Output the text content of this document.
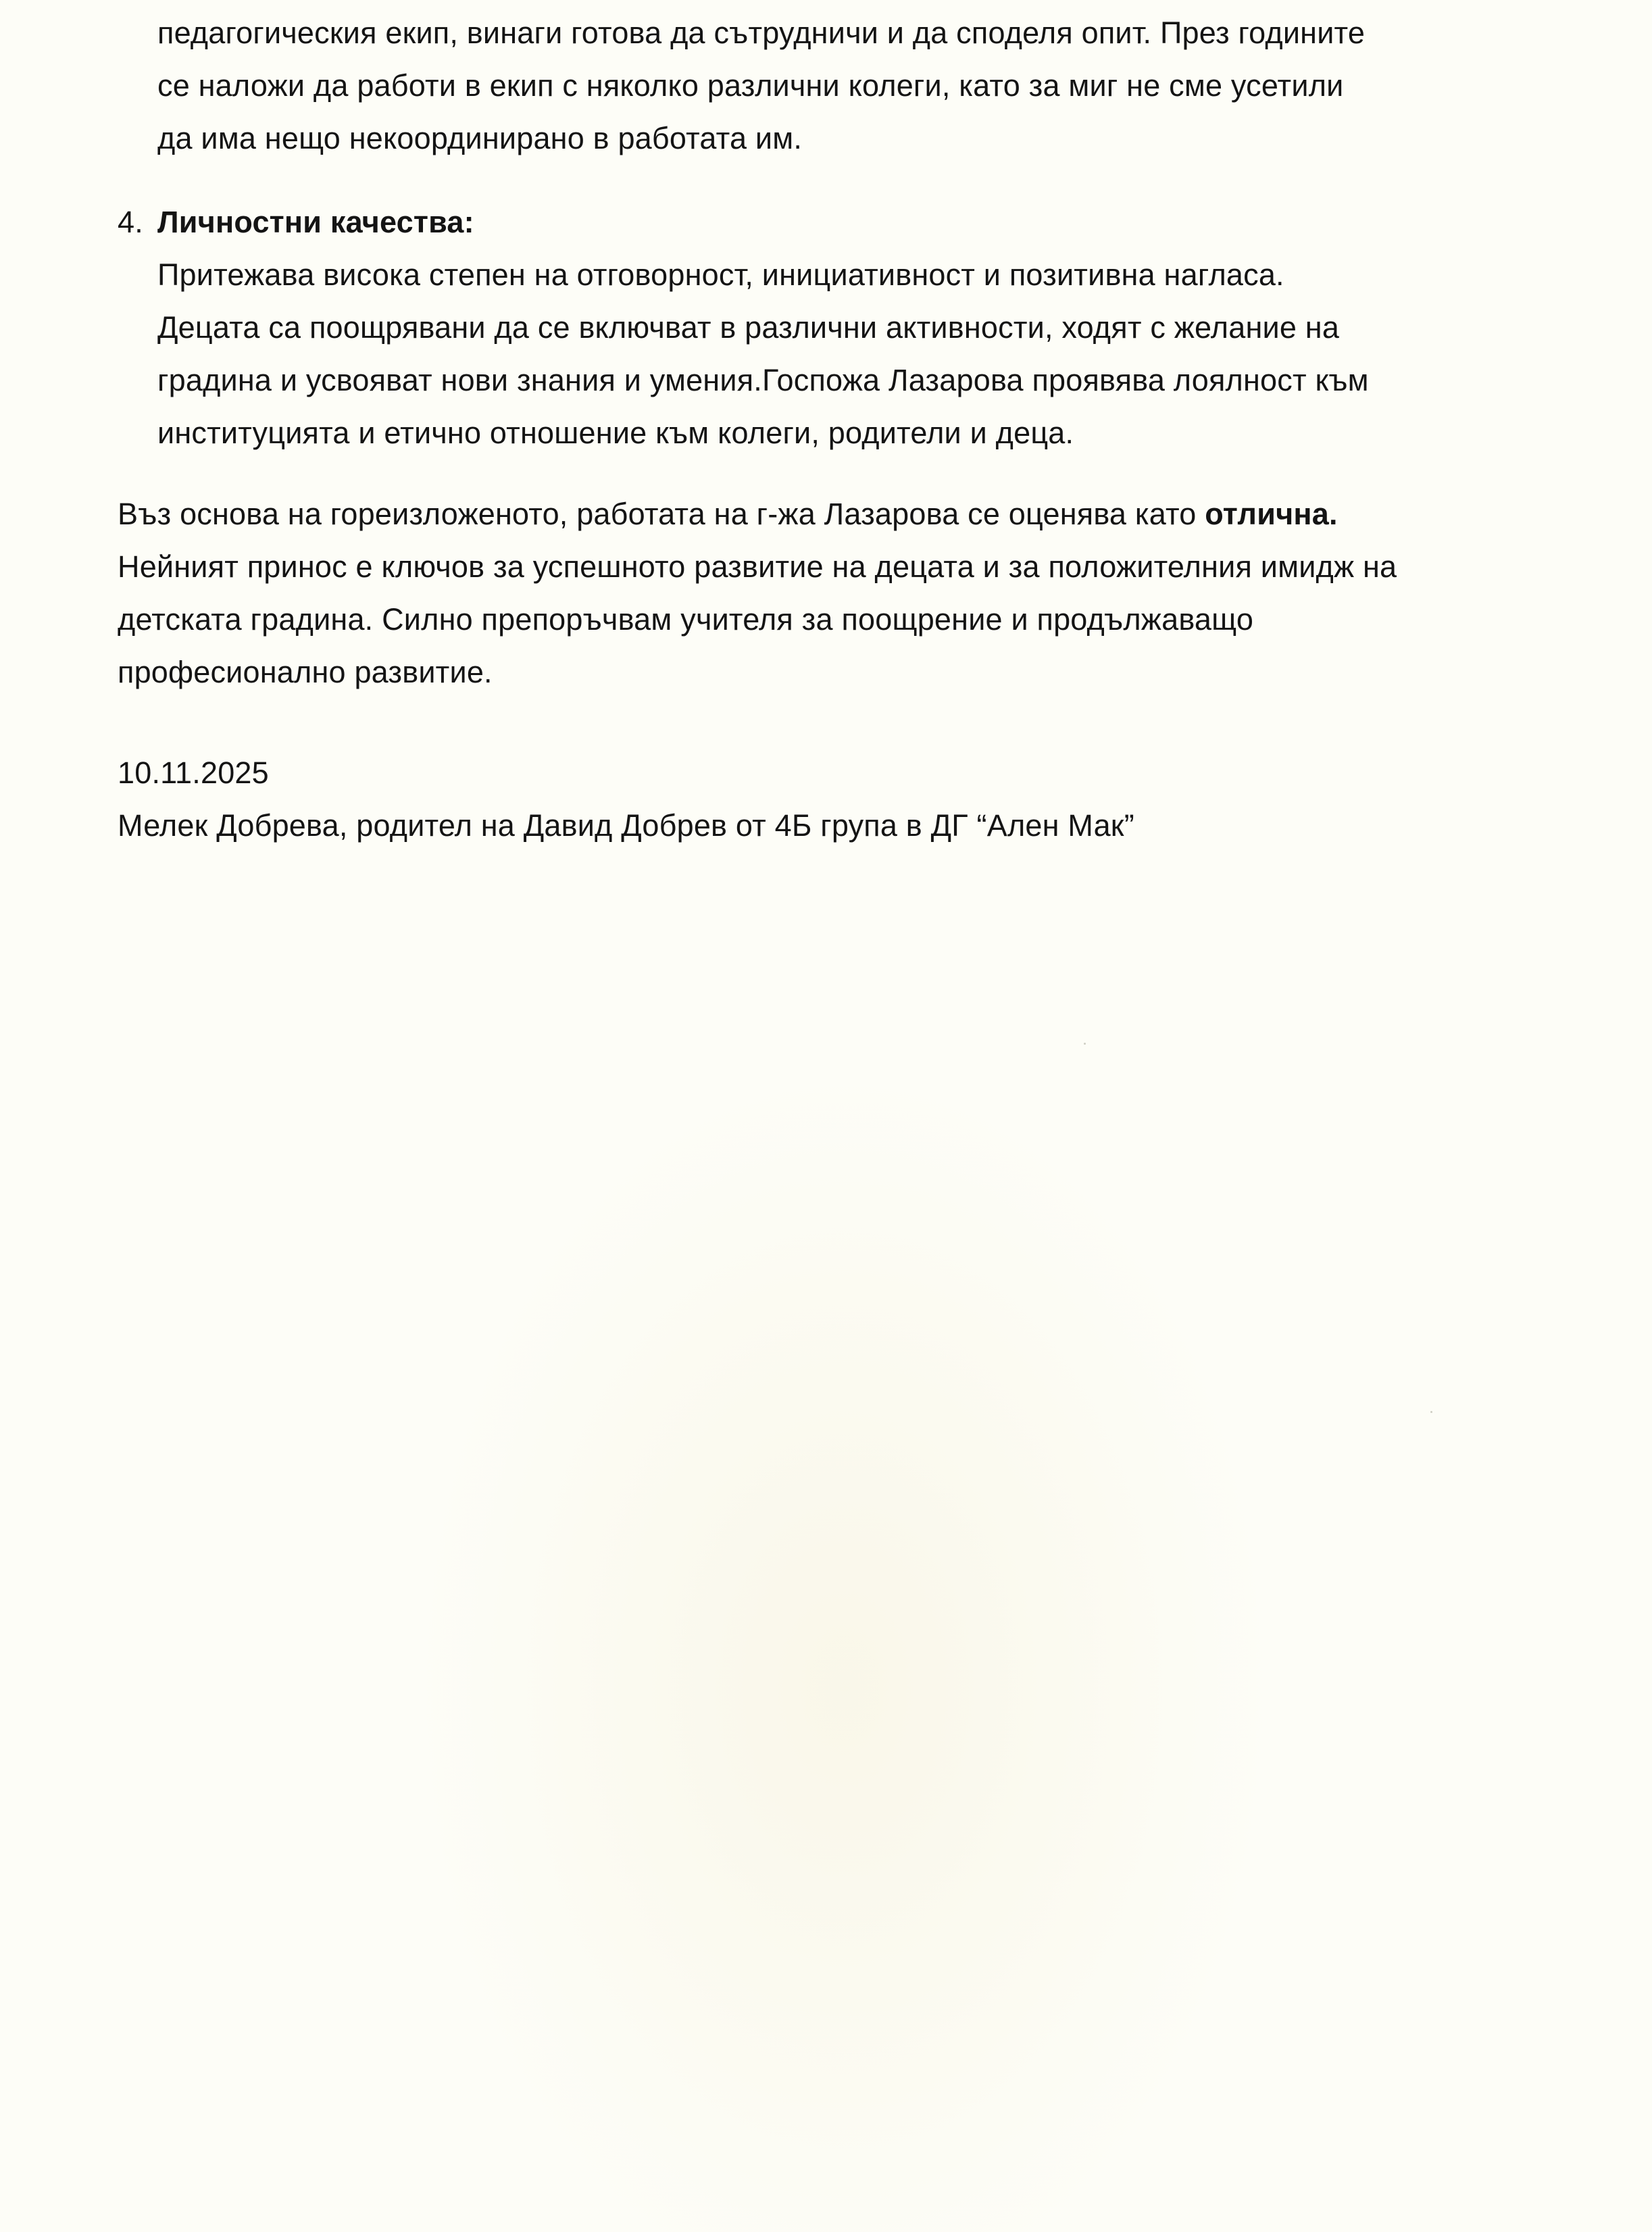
педагогическия екип, винаги готова да сътрудничи и да споделя опит. През годините
се наложи да работи в екип с няколко различни колеги, като за миг не сме усетили
да има нещо некоординирано в работата им.
4. Личностни качества:
Притежава висока степен на отговорност, инициативност и позитивна нагласа.
Децата са поощрявани да се включват в различни активности, ходят с желание на
градина и усвояват нови знания и умения.Госпожа Лазарова проявява лоялност към
институцията и етично отношение към колеги, родители и деца.
Въз основа на гореизложеното, работата на г-жа Лазарова се оценява като отлична.
Нейният принос е ключов за успешното развитие на децата и за положителния имидж на
детската градина. Силно препоръчвам учителя за поощрение и продължаващо
професионално развитие.
10.11.2025
Мелек Добрева, родител на Давид Добрев от 4Б група в ДГ “Ален Мак”
